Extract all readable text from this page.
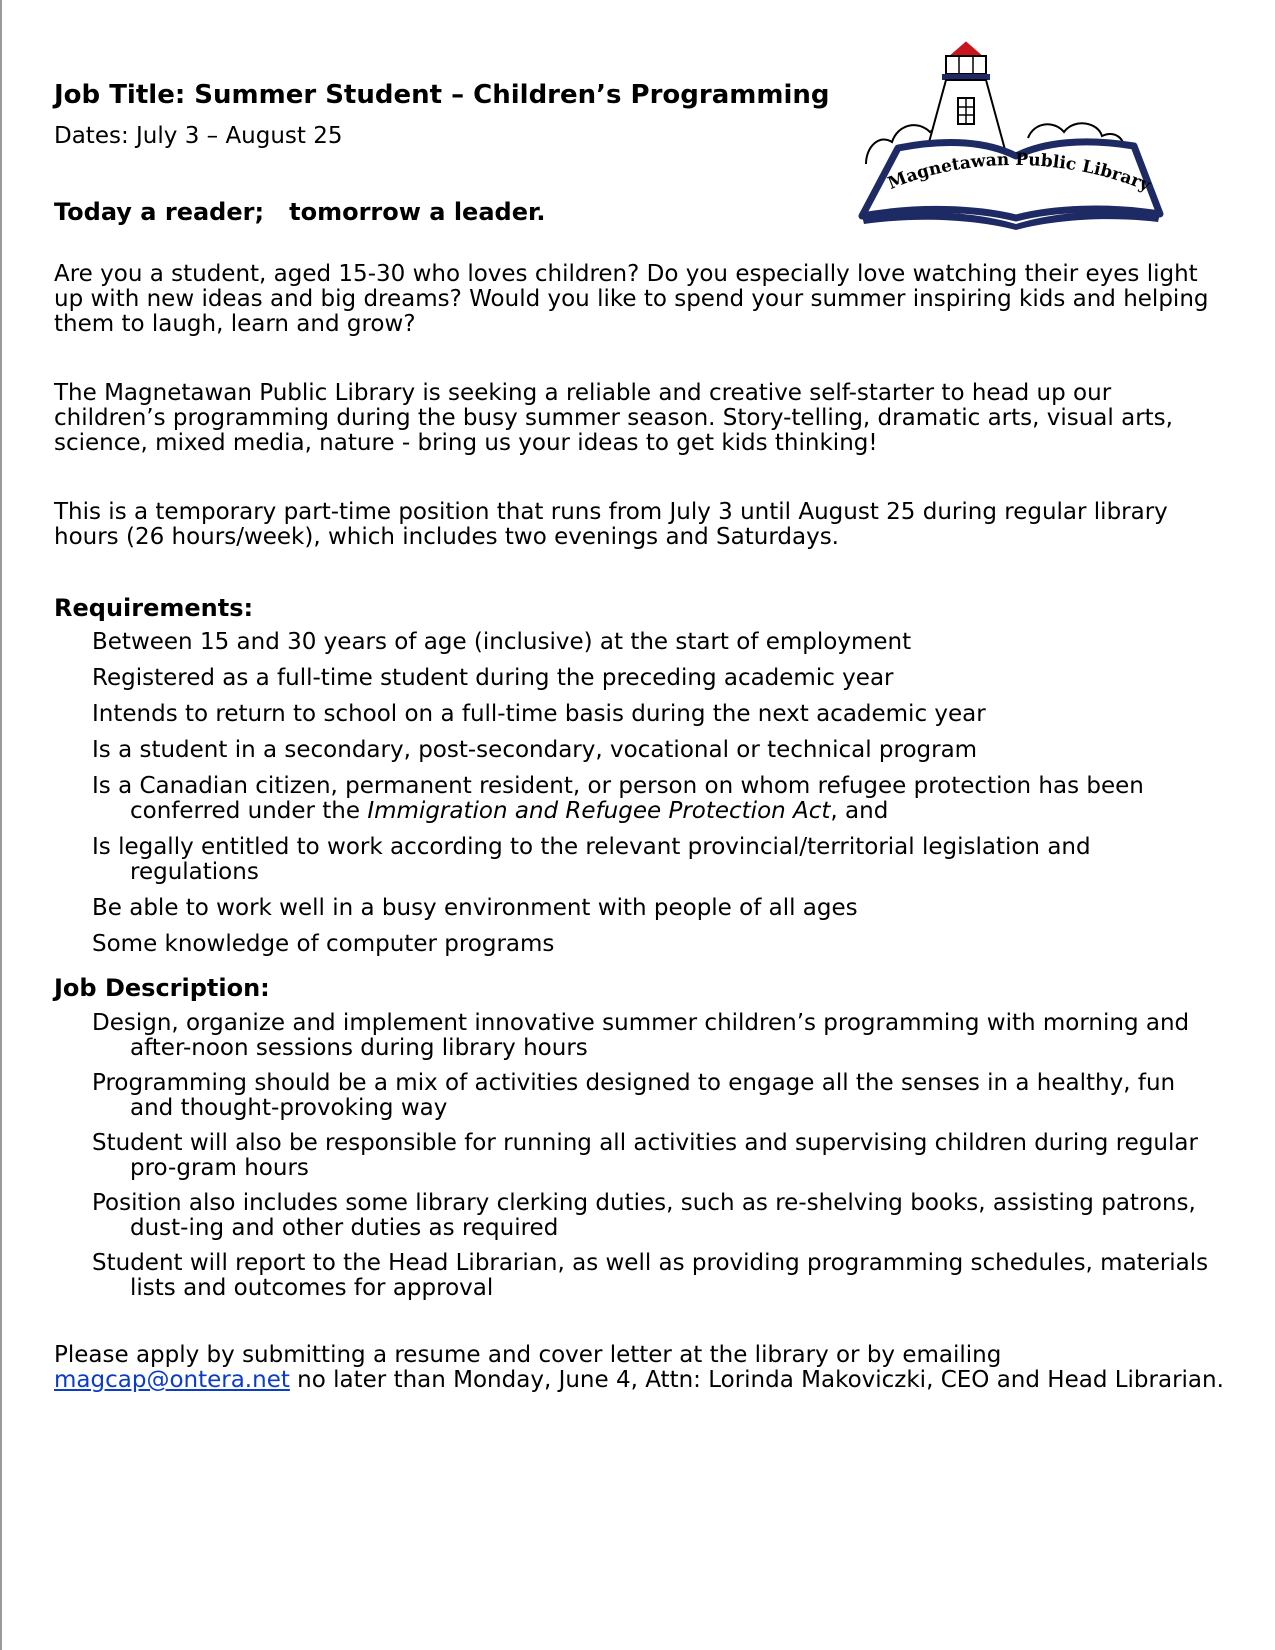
Job Title: Summer Student – Children’s Programming
Dates: July 3 – August 25
Today a reader;   tomorrow a leader.
Magnetawan Public Library

Are you a student, aged 15-30 who loves children? Do you especially love watching their eyes light up with new ideas and big dreams? Would you like to spend your summer inspiring kids and helping them to laugh, learn and grow?

The Magnetawan Public Library is seeking a reliable and creative self-starter to head up our children’s programming during the busy summer season. Story-telling, dramatic arts, visual arts, science, mixed media, nature - bring us your ideas to get kids thinking!

This is a temporary part-time position that runs from July 3 until August 25 during regular library hours (26 hours/week), which includes two evenings and Saturdays.

Requirements:
Between 15 and 30 years of age (inclusive) at the start of employment
Registered as a full-time student during the preceding academic year
Intends to return to school on a full-time basis during the next academic year
Is a student in a secondary, post-secondary, vocational or technical program
Is a Canadian citizen, permanent resident, or person on whom refugee protection has been conferred under the Immigration and Refugee Protection Act, and
Is legally entitled to work according to the relevant provincial/territorial legislation and regulations
Be able to work well in a busy environment with people of all ages
Some knowledge of computer programs
Job Description:
Design, organize and implement innovative summer children’s programming with morning and after-noon sessions during library hours
Programming should be a mix of activities designed to engage all the senses in a healthy, fun and thought-provoking way
Student will also be responsible for running all activities and supervising children during regular pro-gram hours
Position also includes some library clerking duties, such as re-shelving books, assisting patrons, dust-ing and other duties as required
Student will report to the Head Librarian, as well as providing programming schedules, materials lists and outcomes for approval

Please apply by submitting a resume and cover letter at the library or by emailing magcap@ontera.net no later than Monday, June 4, Attn: Lorinda Makoviczki, CEO and Head Librarian.
